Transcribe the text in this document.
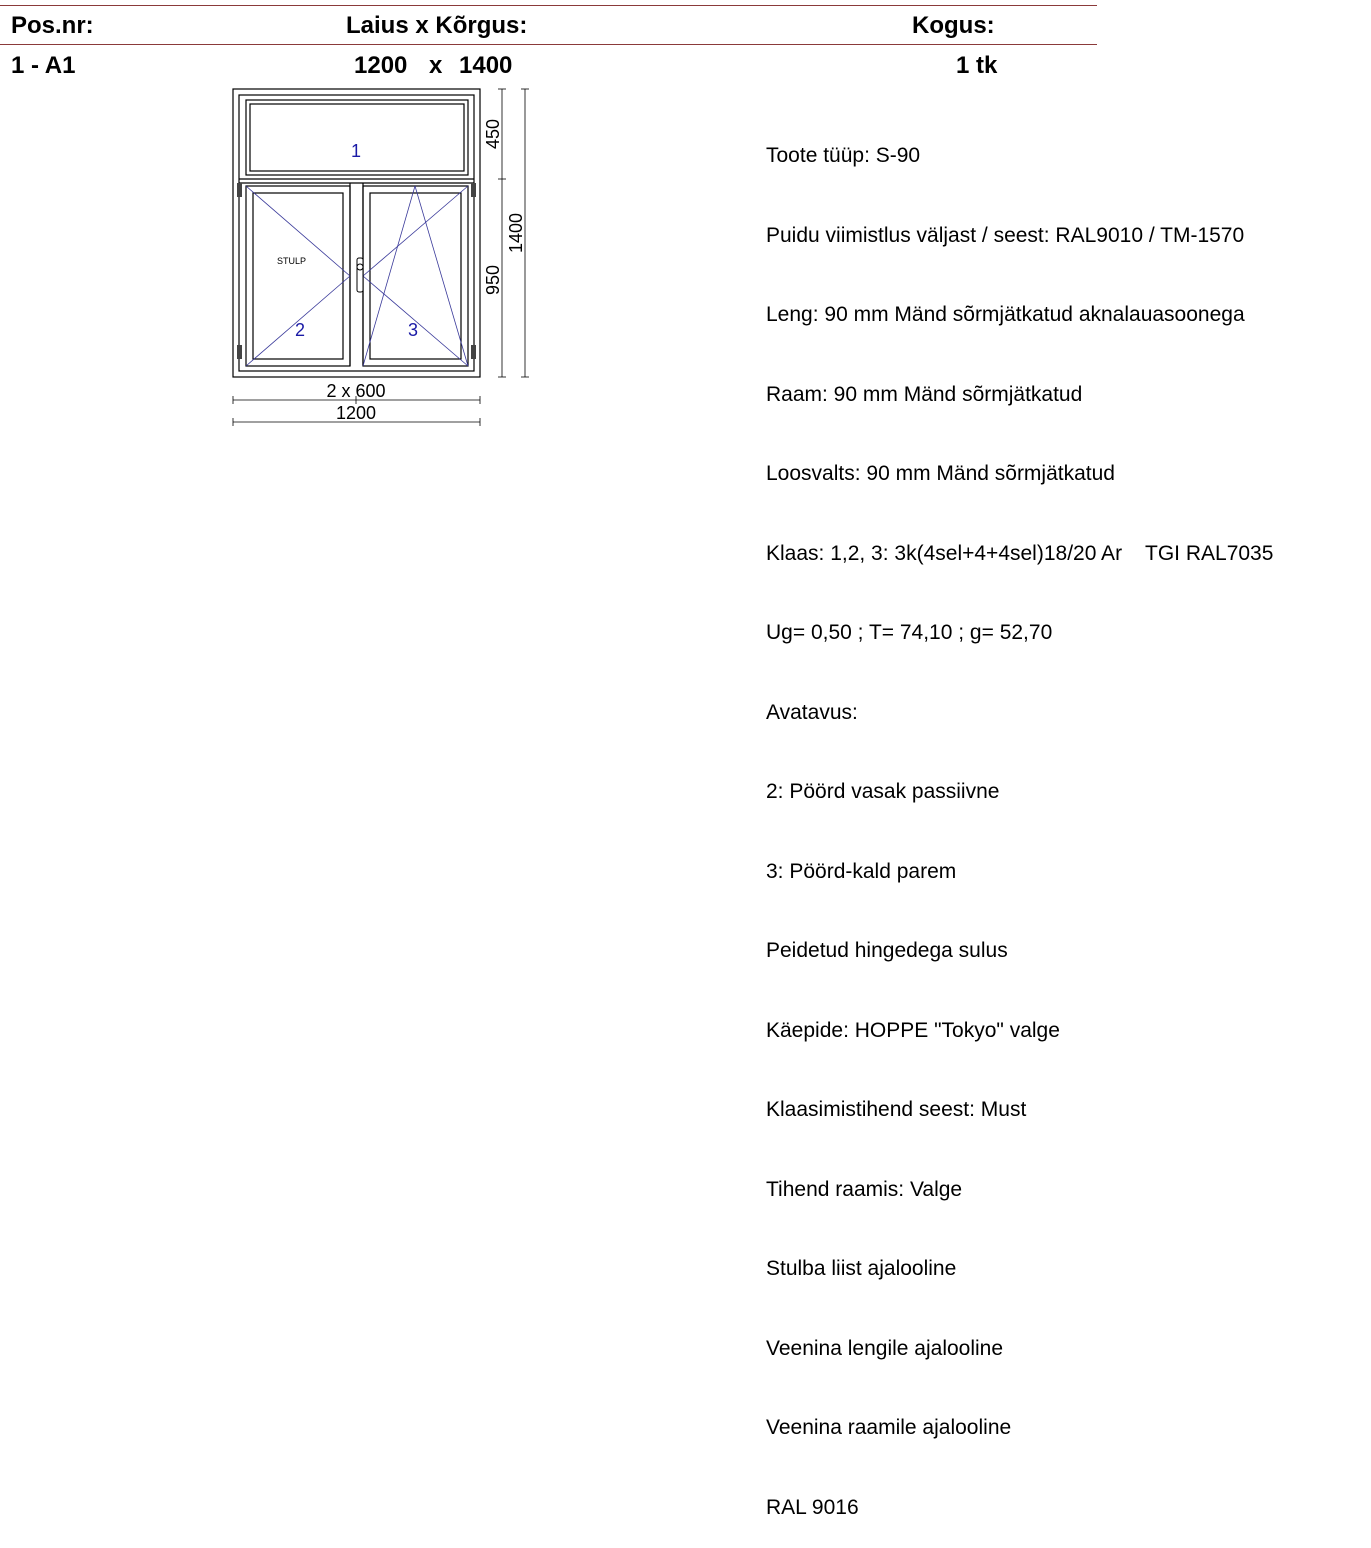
Pos.nr:	Laius x Kõrgus:	Kogus:
1 - A1	1200 x 1400	1 tk
1
2	3
STULP
450
950
1400
2 x 600
1200

Toote tüüp: S-90

Puidu viimistlus väljast / seest: RAL9010 / TM-1570

Leng: 90 mm Mänd sõrmjätkatud aknalauasoonega

Raam: 90 mm Mänd sõrmjätkatud

Loosvalts: 90 mm Mänd sõrmjätkatud

Klaas: 1,2, 3: 3k(4sel+4+4sel)18/20 Ar    TGI RAL7035

Ug= 0,50 ; T= 74,10 ; g= 52,70

Avatavus:

2: Pöörd vasak passiivne

3: Pöörd-kald parem

Peidetud hingedega sulus

Käepide: HOPPE "Tokyo" valge

Klaasimistihend seest: Must

Tihend raamis: Valge

Stulba liist ajalooline

Veenina lengile ajalooline

Veenina raamile ajalooline

RAL 9016
